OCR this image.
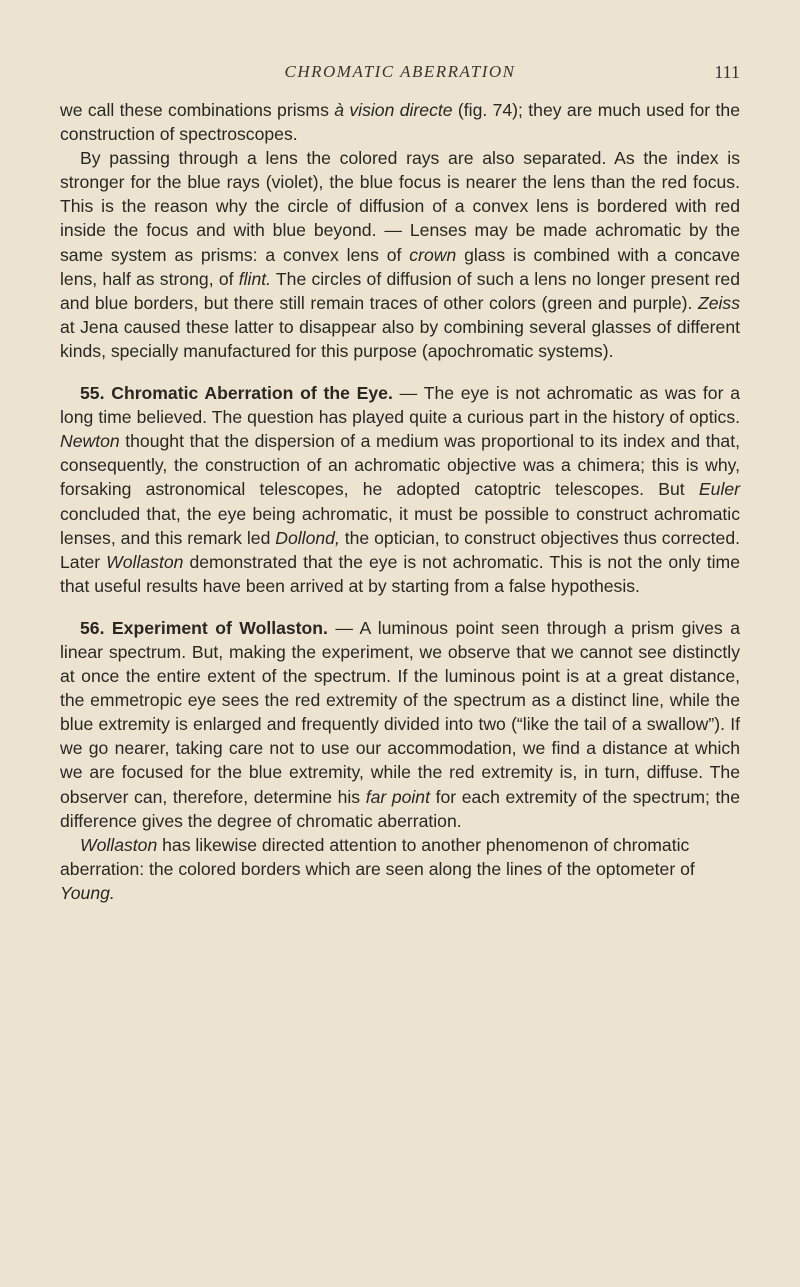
CHROMATIC ABERRATION	111

we call these combinations prisms à vision directe (fig. 74); they are much used for the construction of spectroscopes.

By passing through a lens the colored rays are also separated. As the index is stronger for the blue rays (violet), the blue focus is nearer the lens than the red focus. This is the reason why the circle of diffusion of a convex lens is bordered with red inside the focus and with blue beyond. — Lenses may be made achromatic by the same system as prisms: a convex lens of crown glass is combined with a concave lens, half as strong, of flint. The circles of diffusion of such a lens no longer present red and blue borders, but there still remain traces of other colors (green and purple). Zeiss at Jena caused these latter to disappear also by combining several glasses of different kinds, specially manufactured for this purpose (apochromatic systems).

55. Chromatic Aberration of the Eye. — The eye is not achromatic as was for a long time believed. The question has played quite a curious part in the history of optics. Newton thought that the dispersion of a medium was proportional to its index and that, consequently, the construction of an achromatic objective was a chimera; this is why, forsaking astronomical telescopes, he adopted catoptric telescopes. But Euler concluded that, the eye being achromatic, it must be possible to construct achromatic lenses, and this remark led Dollond, the optician, to construct objectives thus corrected. Later Wollaston demonstrated that the eye is not achromatic. This is not the only time that useful results have been arrived at by starting from a false hypothesis.

56. Experiment of Wollaston. — A luminous point seen through a prism gives a linear spectrum. But, making the experiment, we observe that we cannot see distinctly at once the entire extent of the spectrum. If the luminous point is at a great distance, the emmetropic eye sees the red extremity of the spectrum as a distinct line, while the blue extremity is enlarged and frequently divided into two (“like the tail of a swallow”). If we go nearer, taking care not to use our accommodation, we find a distance at which we are focused for the blue extremity, while the red extremity is, in turn, diffuse. The observer can, therefore, determine his far point for each extremity of the spectrum; the difference gives the degree of chromatic aberration.

Wollaston has likewise directed attention to another phenomenon of chromatic aberration: the colored borders which are seen along the lines of the optometer of Young.
